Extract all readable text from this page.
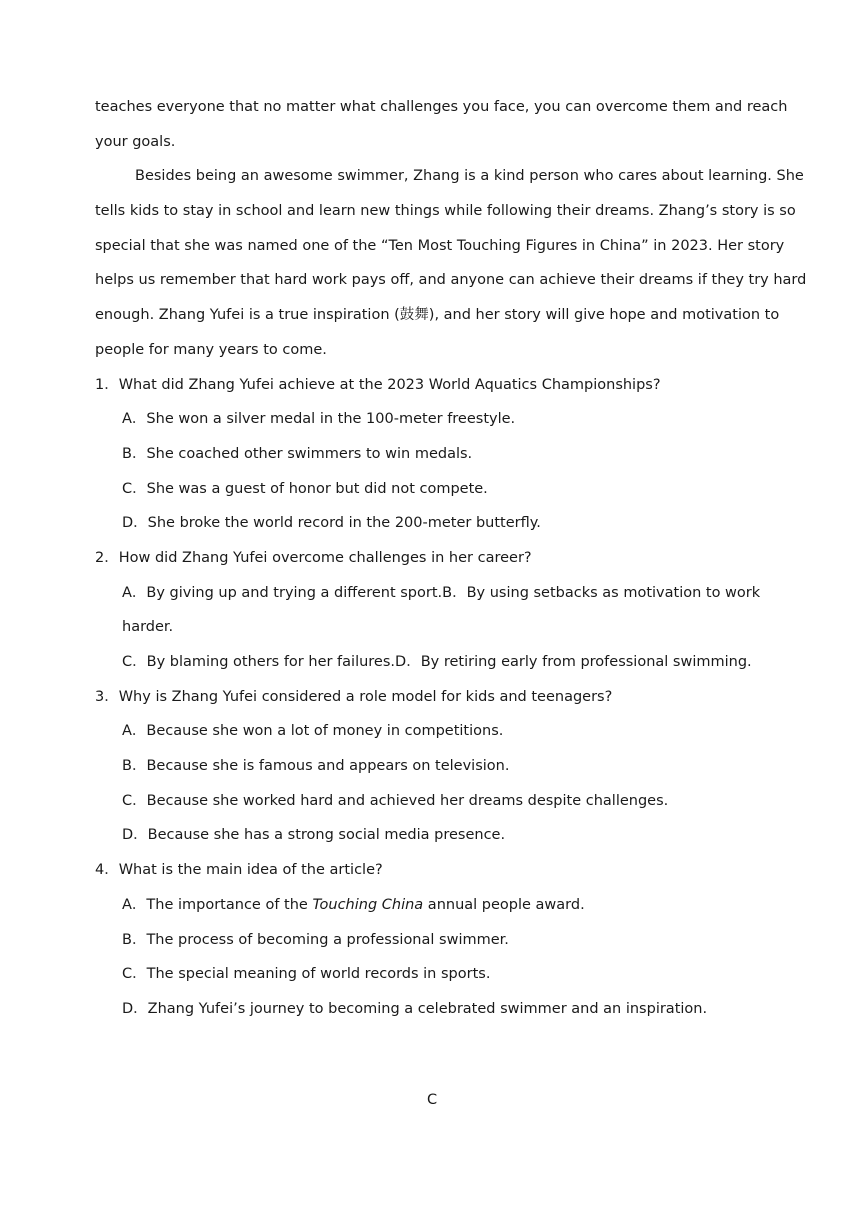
teaches everyone that no matter what challenges you face, you can overcome them and reach
your goals.
Besides being an awesome swimmer, Zhang is a kind person who cares about learning. She
tells kids to stay in school and learn new things while following their dreams. Zhang’s story is so
special that she was named one of the “Ten Most Touching Figures in China” in 2023. Her story
helps us remember that hard work pays off, and anyone can achieve their dreams if they try hard
enough. Zhang Yufei is a true inspiration (鼓舞), and her story will give hope and motivation to
people for many years to come.
1．What did Zhang Yufei achieve at the 2023 World Aquatics Championships?
A．She won a silver medal in the 100-meter freestyle.
B．She coached other swimmers to win medals.
C．She was a guest of honor but did not compete.
D．She broke the world record in the 200-meter butterfly.
2．How did Zhang Yufei overcome challenges in her career?
A．By giving up and trying a different sport.B．By using setbacks as motivation to work
harder.
C．By blaming others for her failures.D．By retiring early from professional swimming.
3．Why is Zhang Yufei considered a role model for kids and teenagers?
A．Because she won a lot of money in competitions.
B．Because she is famous and appears on television.
C．Because she worked hard and achieved her dreams despite challenges.
D．Because she has a strong social media presence.
4．What is the main idea of the article?
A．The importance of the Touching China annual people award.
B．The process of becoming a professional swimmer.
C．The special meaning of world records in sports.
D．Zhang Yufei’s journey to becoming a celebrated swimmer and an inspiration.
C
